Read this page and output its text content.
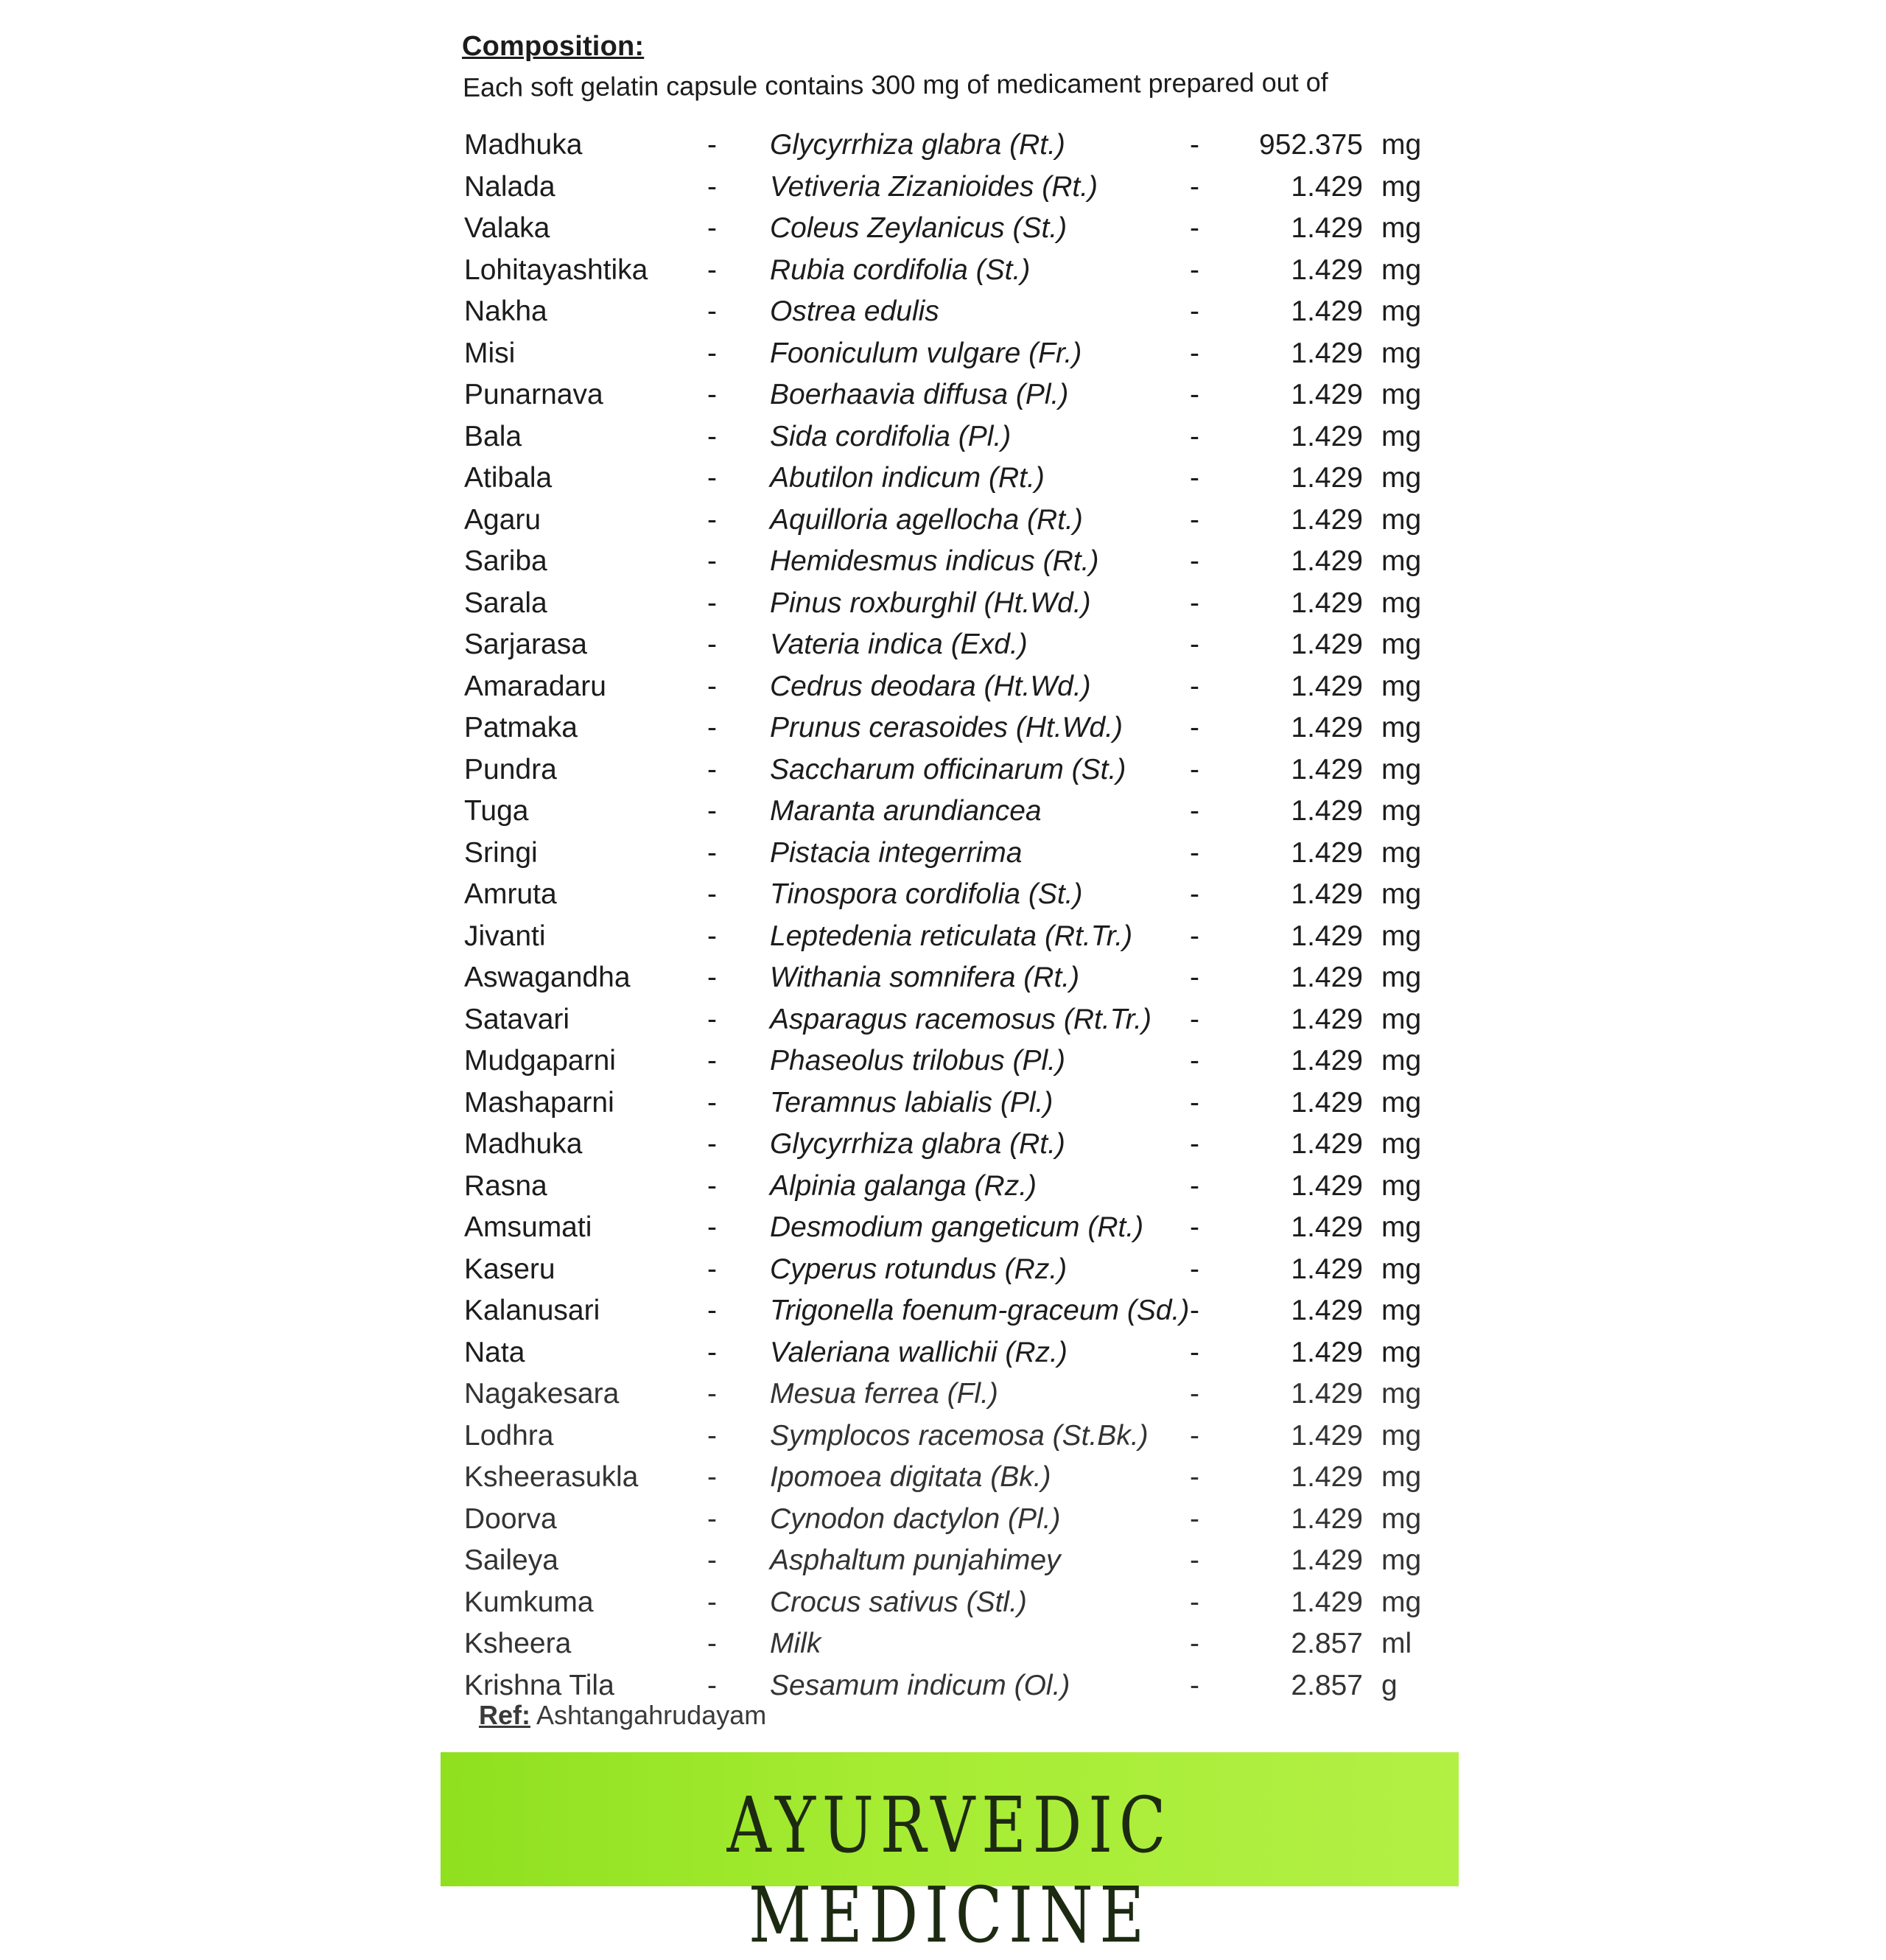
Composition:
Each soft gelatin capsule contains 300 mg of medicament prepared out of
Madhuka	- Glycyrrhiza glabra (Rt.)	-	952.375 mg
Nalada	- Vetiveria Zizanioides (Rt.)	-	1.429 mg
Valaka	- Coleus Zeylanicus (St.)	-	1.429 mg
Lohitayashtika - Rubia cordifolia (St.)	-	1.429 mg
Nakha	- Ostrea edulis	-	1.429 mg
Misi	- Fooniculum vulgare (Fr.)	-	1.429 mg
Punarnava	- Boerhaavia diffusa (Pl.)	-	1.429 mg
Bala	- Sida cordifolia (Pl.)	-	1.429 mg
Atibala	- Abutilon indicum (Rt.)	-	1.429 mg
Agaru	- Aquilloria agellocha (Rt.)	-	1.429 mg
Sariba	- Hemidesmus indicus (Rt.)	-	1.429 mg
Sarala	- Pinus roxburghil (Ht.Wd.)	-	1.429 mg
Sarjarasa	- Vateria indica (Exd.)	-	1.429 mg
Amaradaru	- Cedrus deodara (Ht.Wd.)	-	1.429 mg
Patmaka	- Prunus cerasoides (Ht.Wd.) -	1.429 mg
Pundra	- Saccharum officinarum (St.) -	1.429 mg
Tuga	- Maranta arundiancea	-	1.429 mg
Sringi	- Pistacia integerrima	-	1.429 mg
Amruta	- Tinospora cordifolia (St.)	-	1.429 mg
Jivanti	- Leptedenia reticulata (Rt.Tr.) -	1.429 mg
Aswagandha	- Withania somnifera (Rt.)	-	1.429 mg
Satavari	- Asparagus racemosus (Rt.Tr.) -	1.429 mg
Mudgaparni	- Phaseolus trilobus (Pl.)	-	1.429 mg
Mashaparni	- Teramnus labialis (Pl.)	-	1.429 mg
Madhuka	- Glycyrrhiza glabra (Rt.)	-	1.429 mg
Rasna	- Alpinia galanga (Rz.)	-	1.429 mg
Amsumati	- Desmodium gangeticum (Rt.) -	1.429 mg
Kaseru	- Cyperus rotundus (Rz.)	-	1.429 mg
Kalanusari	- Trigonella foenum-graceum (Sd.) -	1.429 mg
Nata	- Valeriana wallichii (Rz.)	-	1.429 mg
Nagakesara	- Mesua ferrea (Fl.)	-	1.429 mg
Lodhra	- Symplocos racemosa (St.Bk.) -	1.429 mg
Ksheerasukla - Ipomoea digitata (Bk.)	-	1.429 mg
Doorva	- Cynodon dactylon (Pl.)	-	1.429 mg
Saileya	- Asphaltum punjahimey	-	1.429 mg
Kumkuma	- Crocus sativus (Stl.)	-	1.429 mg
Ksheera	- Milk	-	2.857 ml
Krishna Tila	- Sesamum indicum (Ol.)	-	2.857 g
Ref: Ashtangahrudayam
AYURVEDIC MEDICINE
